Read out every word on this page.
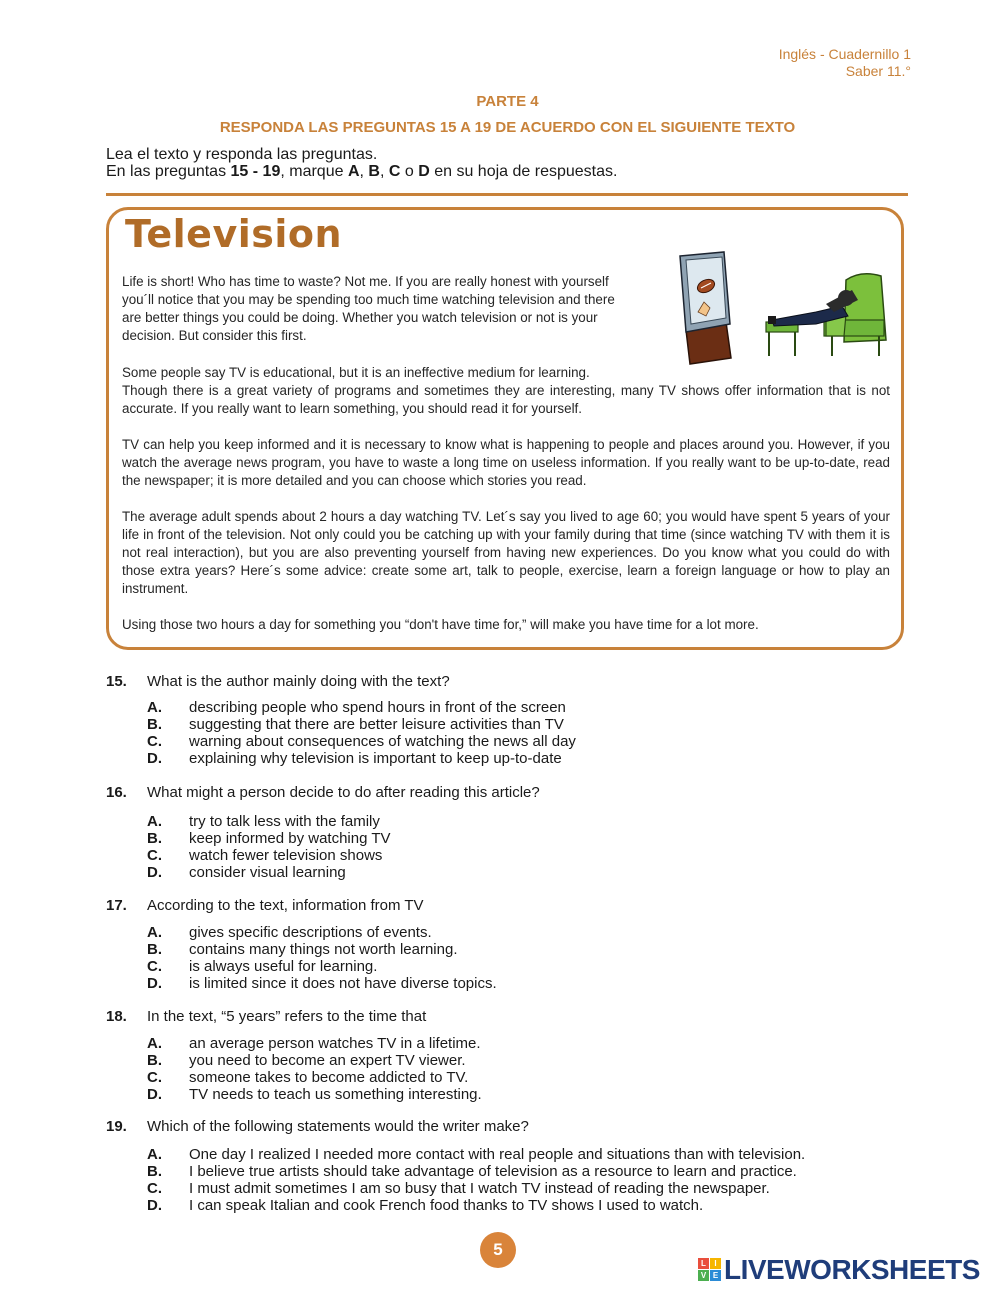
Inglés - Cuadernillo 1
Saber 11.°
PARTE 4
RESPONDA LAS PREGUNTAS 15 A 19 DE ACUERDO CON EL SIGUIENTE TEXTO
Lea el texto y responda las preguntas.
En las preguntas 15 - 19, marque A, B, C o D en su hoja de respuestas.
Television
Life is short! Who has time to waste? Not me. If you are really honest with yourself
you´ll notice that you may be spending too much time watching television and there
are better things you could be doing. Whether you watch television or not is your
decision. But consider this first.
Some people say TV is educational, but it is an ineffective medium for learning.
Though there is a great variety of programs and sometimes they are interesting, many TV shows offer information that is not accurate. If you really want to learn something, you should read it for yourself.
TV can help you keep informed and it is necessary to know what is happening to people and places around you. However, if you watch the average news program, you have to waste a long time on useless information. If you really want to be up-to-date, read the newspaper; it is more detailed and you can choose which stories you read.
The average adult spends about 2 hours a day watching TV. Let´s say you lived to age 60; you would have spent 5 years of your life in front of the television. Not only could you be catching up with your family during that time (since watching TV with them it is not real interaction), but you are also preventing yourself from having new experiences. Do you know what you could do with those extra years? Here´s some advice: create some art, talk to people, exercise, learn a foreign language or how to play an instrument.
Using those two hours a day for something you “don't have time for,” will make you have time for a lot more.
15. What is the author mainly doing with the text?
A. describing people who spend hours in front of the screen
B. suggesting that there are better leisure activities than TV
C. warning about consequences of watching the news all day
D. explaining why television is important to keep up-to-date
16. What might a person decide to do after reading this article?
A. try to talk less with the family
B. keep informed by watching TV
C. watch fewer television shows
D. consider visual learning
17. According to the text, information from TV
A. gives specific descriptions of events.
B. contains many things not worth learning.
C. is always useful for learning.
D. is limited since it does not have diverse topics.
18. In the text, “5 years” refers to the time that
A. an average person watches TV in a lifetime.
B. you need to become an expert TV viewer.
C. someone takes to become addicted to TV.
D. TV needs to teach us something interesting.
19. Which of the following statements would the writer make?
A. One day I realized I needed more contact with real people and situations than with television.
B. I believe true artists should take advantage of television as a resource to learn and practice.
C. I must admit sometimes I am so busy that I watch TV instead of reading the newspaper.
D. I can speak Italian and cook French food thanks to TV shows I used to watch.
5
L	I
V E LIVEWORKSHEETS
